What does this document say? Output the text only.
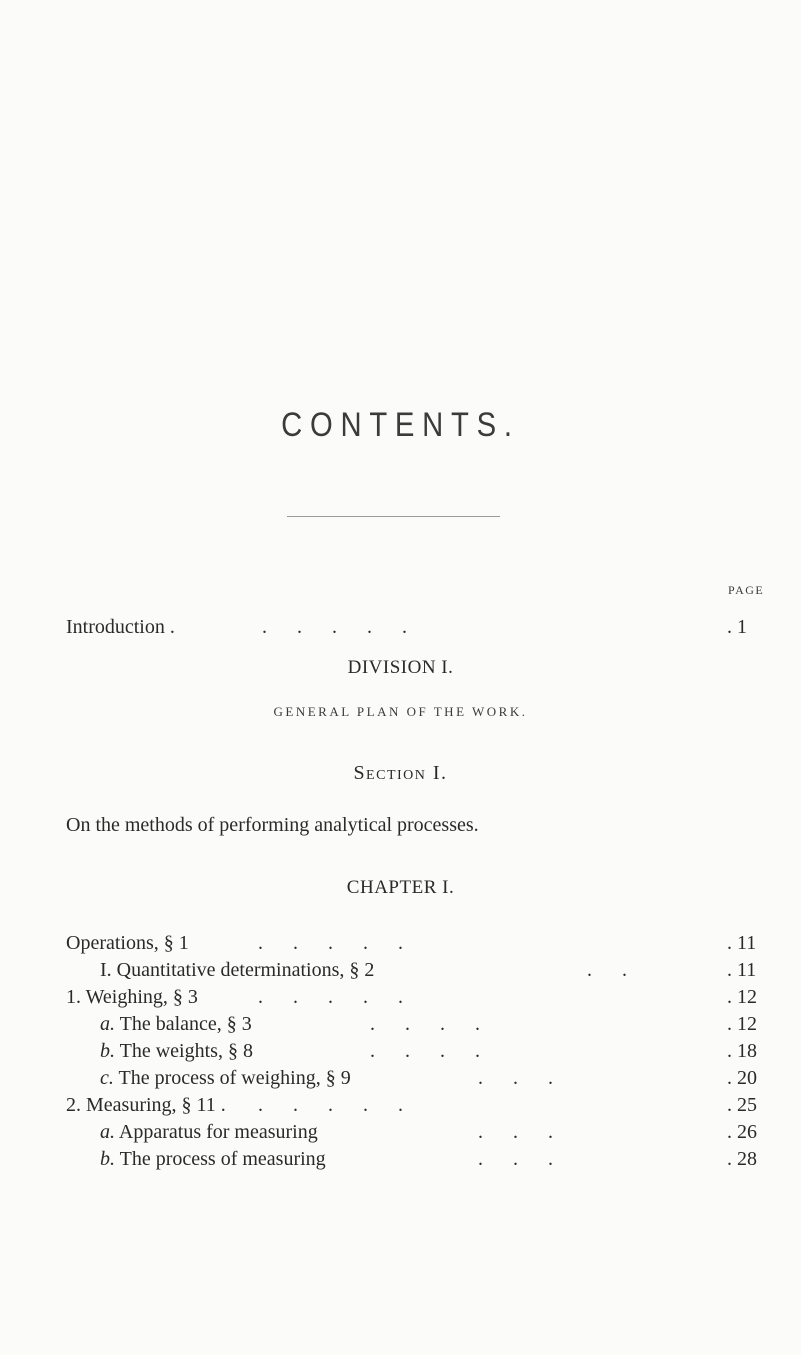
CONTENTS.
PAGE
Introduction .	.      .      .      .      .	. 1
DIVISION I.
GENERAL PLAN OF THE WORK.
Section I.
On the methods of performing analytical processes.
CHAPTER I.
Operations, § 1	.      .      .      .      .	. 11
I. Quantitative determinations, § 2	.      .	. 11
1. Weighing, § 3	.      .      .      .      .	. 12
a. The balance, § 3	.      .      .      .	. 12
b. The weights, § 8	.      .      .      .	. 18
c. The process of weighing, § 9	.      .      .	. 20
2. Measuring, § 11 . .      .      .      .      .	. 25
a. Apparatus for measuring	.      .      .	. 26
b. The process of measuring	.      .      .	. 28
